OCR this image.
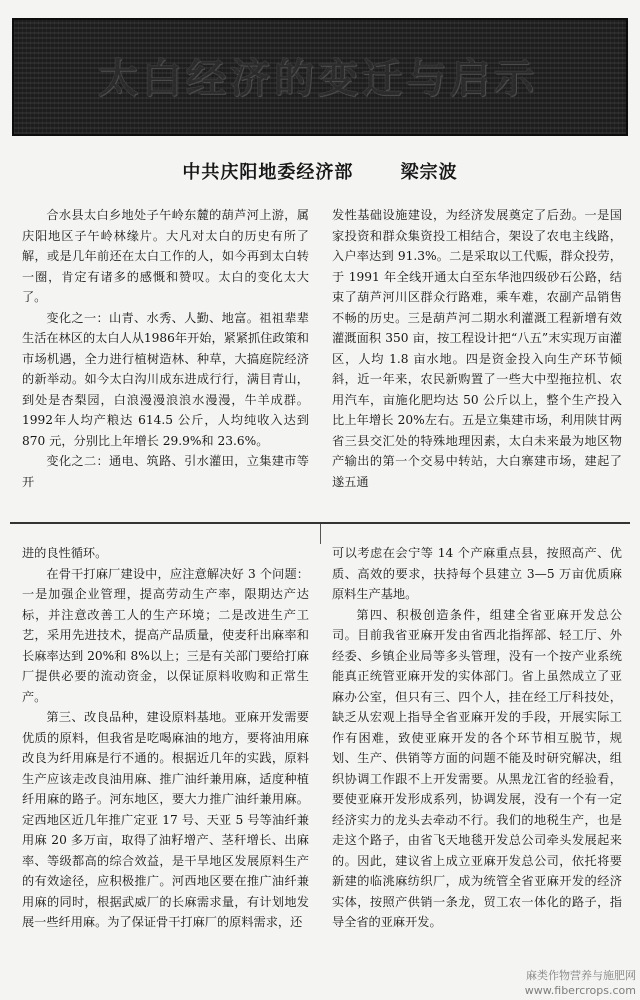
太白经济的变迁与启示
中共庆阳地委经济部	梁宗波

合水县太白乡地处子午岭东麓的葫芦河上游，属庆阳地区子午岭林缘片。大凡对太白的历史有所了解，或是几年前还在太白工作的人，如今再到太白转一圈，肯定有诸多的感慨和赞叹。太白的变化太大了。

变化之一：山青、水秀、人勤、地富。祖祖辈辈生活在林区的太白人从1986年开始，紧紧抓住政策和市场机遇，全力进行植树造林、种草，大搞庭院经济的新举动。如今太白沟川成东进成行行，满目青山，到处是杏梨园，白浪漫漫浪浪水漫漫，牛羊成群。1992年人均产粮达 614.5 公斤，人均纯收入达到 870 元，分别比上年增长 29.9%和 23.6%。

变化之二：通电、筑路、引水灌田，立集建市等开

发性基础设施建设，为经济发展奠定了后劲。一是国家投资和群众集资投工相结合，架设了农电主线路，入户率达到 91.3%。二是采取以工代赈，群众投劳，于 1991 年全线开通太白至东华池四级砂石公路，结束了葫芦河川区群众行路难，乘车难，农副产品销售不畅的历史。三是葫芦河二期水利灌溉工程新增有效灌溉面积 350 亩，按工程设计把“八五”末实现万亩灌区，人均 1.8 亩水地。四是资金投入向生产环节倾斜，近一年来，农民新购置了一些大中型拖拉机、农用汽车，亩施化肥均达 50 公斤以上，整个生产投入比上年增长 20%左右。五是立集建市场，利用陕甘两省三县交汇处的特殊地理因素，太白未来最为地区物产输出的第一个交易中转站，大白寨建市场，建起了遂五通

进的良性循环。

在骨干打麻厂建设中，应注意解决好 3 个问题：一是加强企业管理，提高劳动生产率，限期达产达标，并注意改善工人的生产环境；二是改进生产工艺，采用先进技术，提高产品质量，使麦秆出麻率和长麻率达到 20%和 8%以上；三是有关部门要给打麻厂提供必要的流动资金，以保证原料收购和正常生产。

第三、改良品种，建设原料基地。亚麻开发需要优质的原料，但我省是吃喝麻油的地方，要将油用麻改良为纤用麻是行不通的。根据近几年的实践，原料生产应该走改良油用麻、推广油纤兼用麻，适度种植纤用麻的路子。河东地区，要大力推广油纤兼用麻。定西地区近几年推广定亚 17 号、天亚 5 号等油纤兼用麻 20 多万亩，取得了油籽增产、茎秆增长、出麻率、等级都高的综合效益，是干旱地区发展原料生产的有效途径，应积极推广。河西地区要在推广油纤兼用麻的同时，根据武威厂的长麻需求量，有计划地发展一些纤用麻。为了保证骨干打麻厂的原料需求，还

可以考虑在会宁等 14 个产麻重点县，按照高产、优质、高效的要求，扶持每个县建立 3—5 万亩优质麻原料生产基地。

第四、积极创造条件，组建全省亚麻开发总公司。目前我省亚麻开发由省西北指挥部、轻工厅、外经委、乡镇企业局等多头管理，没有一个按产业系统能真正统管亚麻开发的实体部门。省上虽然成立了亚麻办公室，但只有三、四个人，挂在经工厅科技处，缺乏从宏观上指导全省亚麻开发的手段，开展实际工作有困难，致使亚麻开发的各个环节相互脱节，规划、生产、供销等方面的问题不能及时研究解决，组织协调工作跟不上开发需要。从黑龙江省的经验看，要使亚麻开发形成系列，协调发展，没有一个有一定经济实力的龙头去牵动不行。我们的地税生产，也是走这个路子，由省飞天地毯开发总公司牵头发展起来的。因此，建议省上成立亚麻开发总公司，依托将要新建的临洮麻纺织厂，成为统管全省亚麻开发的经济实体，按照产供销一条龙，贸工农一体化的路子，指导全省的亚麻开发。

麻类作物营养与施肥网
www.fibercrops.com
